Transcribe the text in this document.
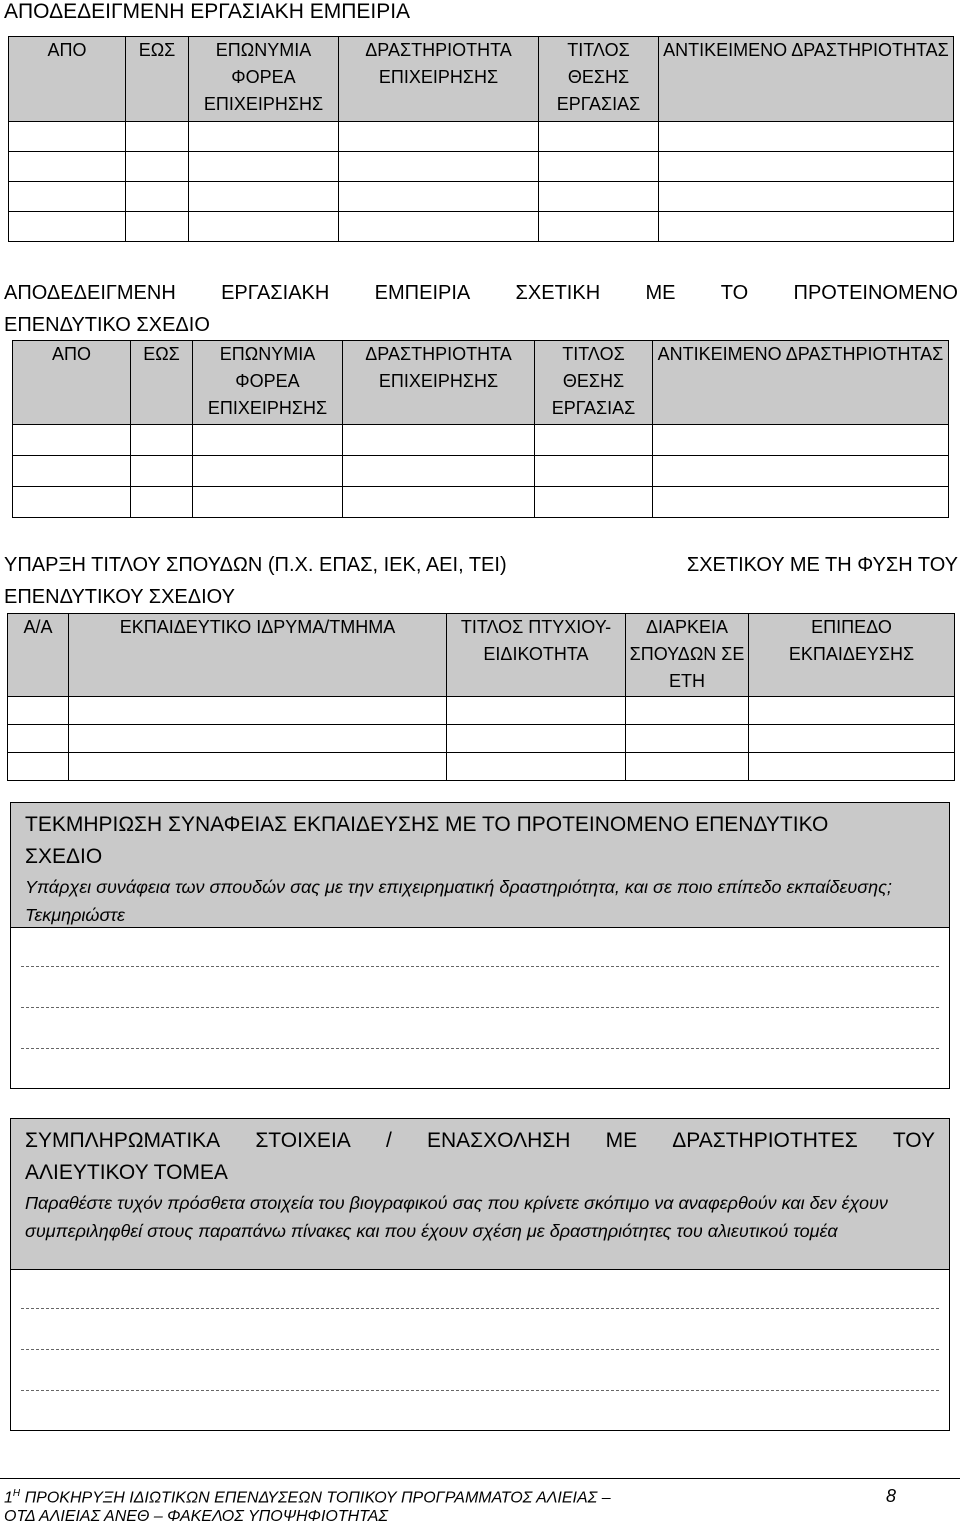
ΑΠΟΔΕΔΕΙΓΜΕΝΗ ΕΡΓΑΣΙΑΚΗ ΕΜΠΕΙΡΙΑ
ΑΠΟ	ΕΩΣ	ΕΠΩΝΥΜΙΑ ΦΟΡΕΑ ΕΠΙΧΕΙΡΗΣΗΣ	ΔΡΑΣΤΗΡΙΟΤΗΤΑ ΕΠΙΧΕΙΡΗΣΗΣ	ΤΙΤΛΟΣ ΘΕΣΗΣ ΕΡΓΑΣΙΑΣ	ΑΝΤΙΚΕΙΜΕΝΟ ΔΡΑΣΤΗΡΙΟΤΗΤΑΣ

ΑΠΟΔΕΔΕΙΓΜΕΝΗ ΕΡΓΑΣΙΑΚΗ ΕΜΠΕΙΡΙΑ ΣΧΕΤΙΚΗ ΜΕ ΤΟ ΠΡΟΤΕΙΝΟΜΕΝΟ
ΕΠΕΝΔΥΤΙΚΟ ΣΧΕΔΙΟ
ΑΠΟ	ΕΩΣ	ΕΠΩΝΥΜΙΑ ΦΟΡΕΑ ΕΠΙΧΕΙΡΗΣΗΣ	ΔΡΑΣΤΗΡΙΟΤΗΤΑ ΕΠΙΧΕΙΡΗΣΗΣ	ΤΙΤΛΟΣ ΘΕΣΗΣ ΕΡΓΑΣΙΑΣ	ΑΝΤΙΚΕΙΜΕΝΟ ΔΡΑΣΤΗΡΙΟΤΗΤΑΣ

ΥΠΑΡΞΗ ΤΙΤΛΟΥ ΣΠΟΥΔΩΝ (Π.Χ. ΕΠΑΣ, ΙΕΚ, ΑΕΙ, ΤΕΙ)	ΣΧΕΤΙΚΟΥ ΜΕ ΤΗ ΦΥΣΗ ΤΟΥ
ΕΠΕΝΔΥΤΙΚΟΥ ΣΧΕΔΙΟΥ
Α/Α	ΕΚΠΑΙΔΕΥΤΙΚΟ ΙΔΡΥΜΑ/ΤΜΗΜΑ	ΤΙΤΛΟΣ ΠΤΥΧΙΟΥ-ΕΙΔΙΚΟΤΗΤΑ	ΔΙΑΡΚΕΙΑ ΣΠΟΥΔΩΝ ΣΕ ΕΤΗ	ΕΠΙΠΕΔΟ ΕΚΠΑΙΔΕΥΣΗΣ

ΤΕΚΜΗΡΙΩΣΗ ΣΥΝΑΦΕΙΑΣ ΕΚΠΑΙΔΕΥΣΗΣ ΜΕ ΤΟ ΠΡΟΤΕΙΝΟΜΕΝΟ ΕΠΕΝΔΥΤΙΚΟ
ΣΧΕΔΙΟ
Υπάρχει συνάφεια των σπουδών σας με την επιχειρηματική δραστηριότητα, και σε ποιο επίπεδο εκπαίδευσης; Τεκμηριώστε
ΣΥΜΠΛΗΡΩΜΑΤΙΚΑ ΣΤΟΙΧΕΙΑ / ΕΝΑΣΧΟΛΗΣΗ ΜΕ ΔΡΑΣΤΗΡΙΟΤΗΤΕΣ ΤΟΥ
ΑΛΙΕΥΤΙΚΟΥ ΤΟΜΕΑ
Παραθέστε τυχόν πρόσθετα στοιχεία του βιογραφικού σας που κρίνετε σκόπιμο να αναφερθούν και δεν έχουν συμπεριληφθεί στους παραπάνω πίνακες και που έχουν σχέση με δραστηριότητες του αλιευτικού τομέα
$1^H$ ΠΡΟΚΗΡΥΞΗ ΙΔΙΩΤΙΚΩΝ ΕΠΕΝΔΥΣΕΩΝ ΤΟΠΙΚΟΥ ΠΡΟΓΡΑΜΜΑΤΟΣ ΑΛΙΕΙΑΣ –
ΟΤΔ ΑΛΙΕΙΑΣ ΑΝΕΘ – ΦΑΚΕΛΟΣ ΥΠΟΨΗΦΙΟΤΗΤΑΣ
8
